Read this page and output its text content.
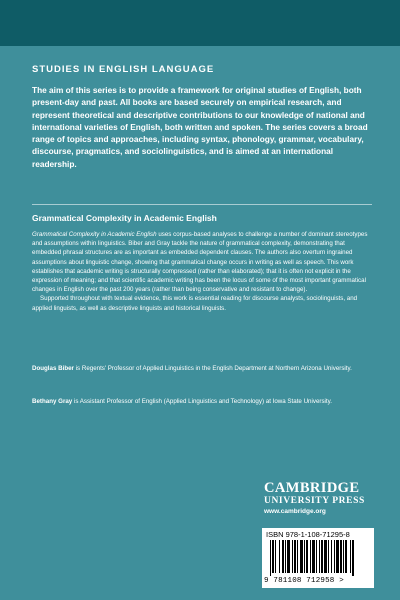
STUDIES IN ENGLISH LANGUAGE

The aim of this series is to provide a framework for original studies of English, both present-day and past. All books are based securely on empirical research, and represent theoretical and descriptive contributions to our knowledge of national and international varieties of English, both written and spoken. The series covers a broad range of topics and approaches, including syntax, phonology, grammar, vocabulary, discourse, pragmatics, and sociolinguistics, and is aimed at an international readership.

Grammatical Complexity in Academic English

Grammatical Complexity in Academic English uses corpus-based analyses to challenge a number of dominant stereotypes and assumptions within linguistics. Biber and Gray tackle the nature of grammatical complexity, demonstrating that embedded phrasal structures are as important as embedded dependent clauses. The authors also overturn ingrained assumptions about linguistic change, showing that grammatical change occurs in writing as well as speech. This work establishes that academic writing is structurally compressed (rather than elaborated); that it is often not explicit in the expression of meaning; and that scientific academic writing has been the locus of some of the most important grammatical changes in English over the past 200 years (rather than being conservative and resistant to change).

Supported throughout with textual evidence, this work is essential reading for discourse analysts, sociolinguists, and applied linguists, as well as descriptive linguists and historical linguists.

Douglas Biber is Regents' Professor of Applied Linguistics in the English Department at Northern Arizona University.

Bethany Gray is Assistant Professor of English (Applied Linguistics and Technology) at Iowa State University.

CAMBRIDGE
UNIVERSITY PRESS
www.cambridge.org
ISBN 978-1-108-71295-8
9 781108 712958 >
